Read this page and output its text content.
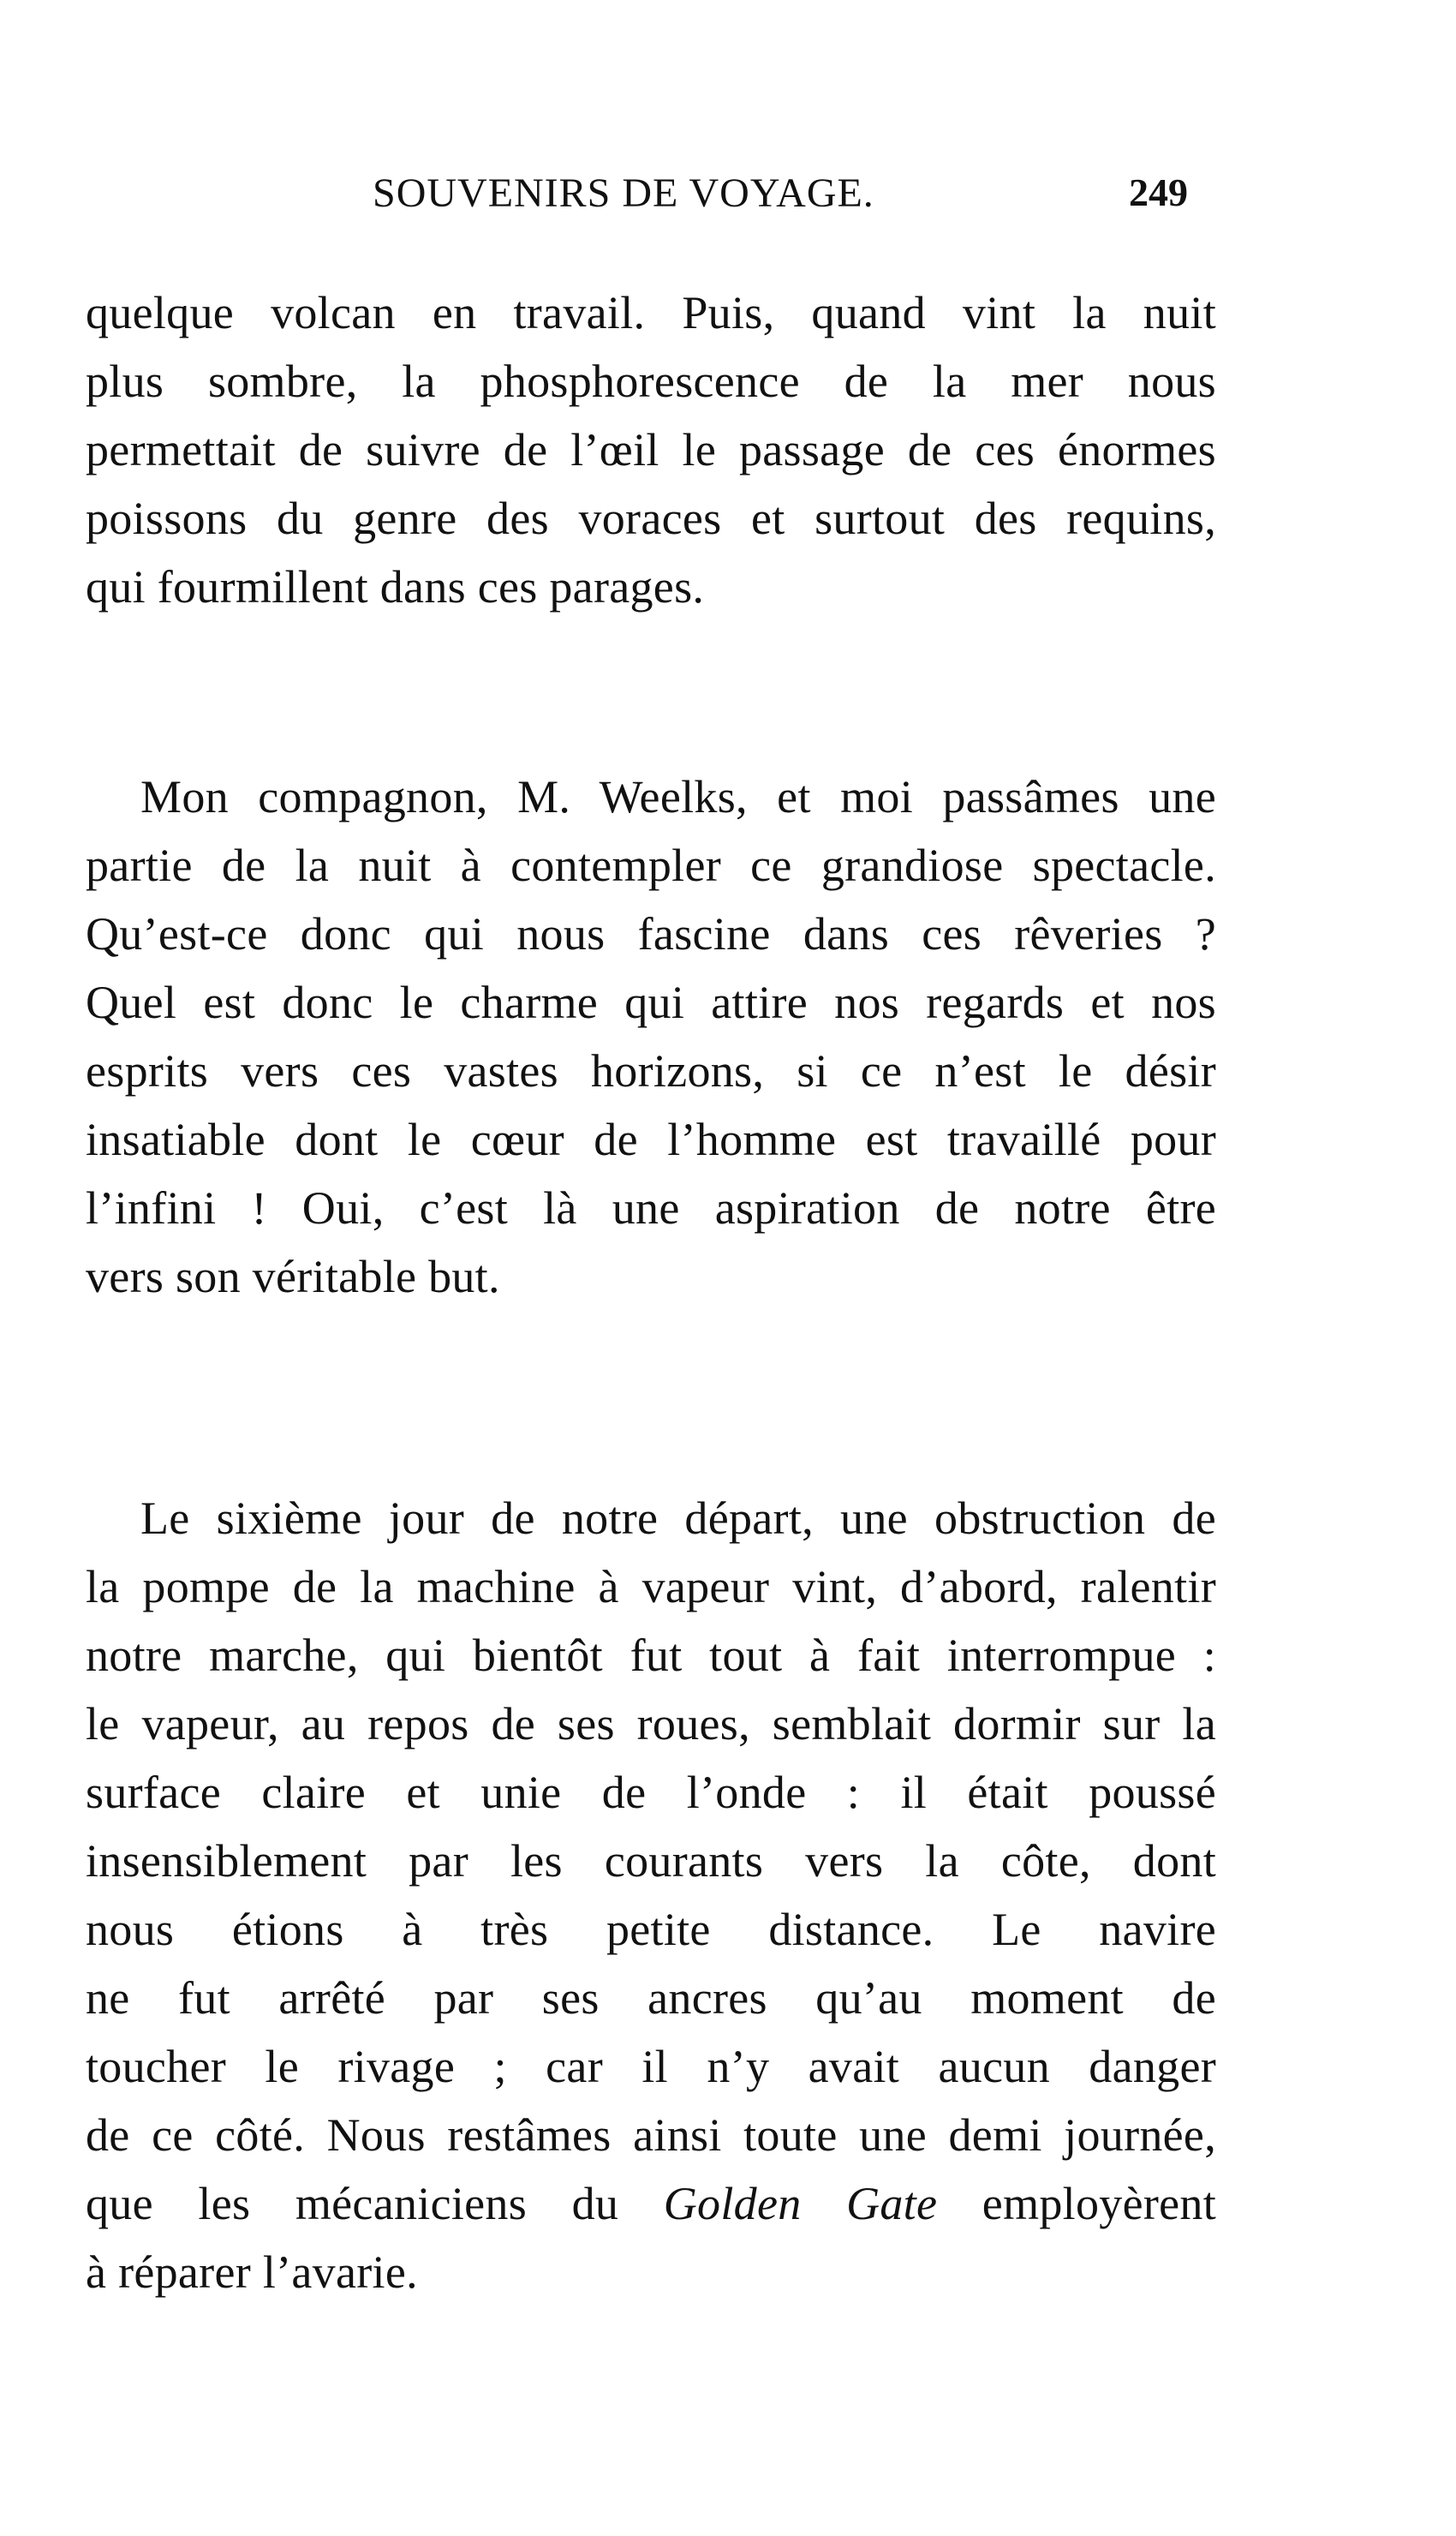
SOUVENIRS DE VOYAGE.	249
quelque volcan en travail. Puis, quand vint la nuit
plus sombre, la phosphorescence de la mer nous
permettait de suivre de l’œil le passage de ces énormes
poissons du genre des voraces et surtout des requins,
qui fourmillent dans ces parages.
Mon compagnon, M. Weelks, et moi passâmes une
partie de la nuit à contempler ce grandiose spectacle.
Qu’est-ce donc qui nous fascine dans ces rêveries ?
Quel est donc le charme qui attire nos regards et nos
esprits vers ces vastes horizons, si ce n’est le désir
insatiable dont le cœur de l’homme est travaillé pour
l’infini ! Oui, c’est là une aspiration de notre être
vers son véritable but.
Le sixième jour de notre départ, une obstruction de
la pompe de la machine à vapeur vint, d’abord, ralentir
notre marche, qui bientôt fut tout à fait interrompue :
le vapeur, au repos de ses roues, semblait dormir sur la
surface claire et unie de l’onde : il était poussé
insensiblement par les courants vers la côte, dont
nous étions à très petite distance. Le navire
ne fut arrêté par ses ancres qu’au moment de
toucher le rivage ; car il n’y avait aucun danger
de ce côté. Nous restâmes ainsi toute une demi journée,
que les mécaniciens du Golden Gate employèrent
à réparer l’avarie.
